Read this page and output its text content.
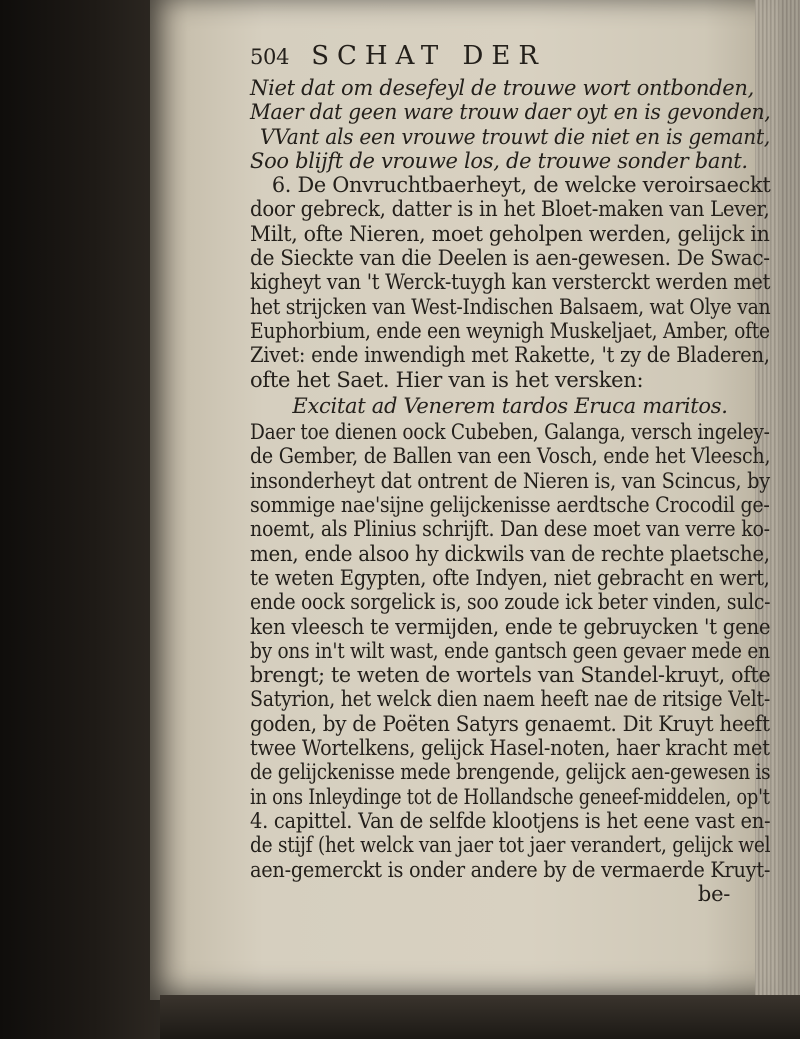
504 SCHAT DER
Niet dat om desefeyl de trouwe wort ontbonden,
Maer dat geen ware trouw daer oyt en is gevonden,
VVant als een vrouwe trouwt die niet en is gemant,
Soo blijft de vrouwe los, de trouwe sonder bant.
6. De Onvruchtbaerheyt, de welcke veroirsaeckt
door gebreck, datter is in het Bloet-maken van Lever,
Milt, ofte Nieren, moet geholpen werden, gelijck in
de Sieckte van die Deelen is aen-gewesen. De Swac-
kigheyt van 't Werck-tuygh kan versterckt werden met
het strijcken van West-Indischen Balsaem, wat Olye van
Euphorbium, ende een weynigh Muskeljaet, Amber, ofte
Zivet: ende inwendigh met Rakette, 't zy de Bladeren,
ofte het Saet. Hier van is het versken:
Excitat ad Venerem tardos Eruca maritos.
Daer toe dienen oock Cubeben, Galanga, versch ingeley-
de Gember, de Ballen van een Vosch, ende het Vleesch,
insonderheyt dat ontrent de Nieren is, van Scincus, by
sommige nae'sijne gelijckenisse aerdtsche Crocodil ge-
noemt, als Plinius schrijft. Dan dese moet van verre ko-
men, ende alsoo hy dickwils van de rechte plaetsche,
te weten Egypten, ofte Indyen, niet gebracht en wert,
ende oock sorgelick is, soo zoude ick beter vinden, sulc-
ken vleesch te vermijden, ende te gebruycken 't gene
by ons in't wilt wast, ende gantsch geen gevaer mede en
brengt; te weten de wortels van Standel-kruyt, ofte
Satyrion, het welck dien naem heeft nae de ritsige Velt-
goden, by de Poëten Satyrs genaemt. Dit Kruyt heeft
twee Wortelkens, gelijck Hasel-noten, haer kracht met
de gelijckenisse mede brengende, gelijck aen-gewesen is
in ons Inleydinge tot de Hollandsche geneef-middelen, op't
4. capittel. Van de selfde klootjens is het eene vast en-
de stijf (het welck van jaer tot jaer verandert, gelijck wel
aen-gemerckt is onder andere by de vermaerde Kruyt-
be-
